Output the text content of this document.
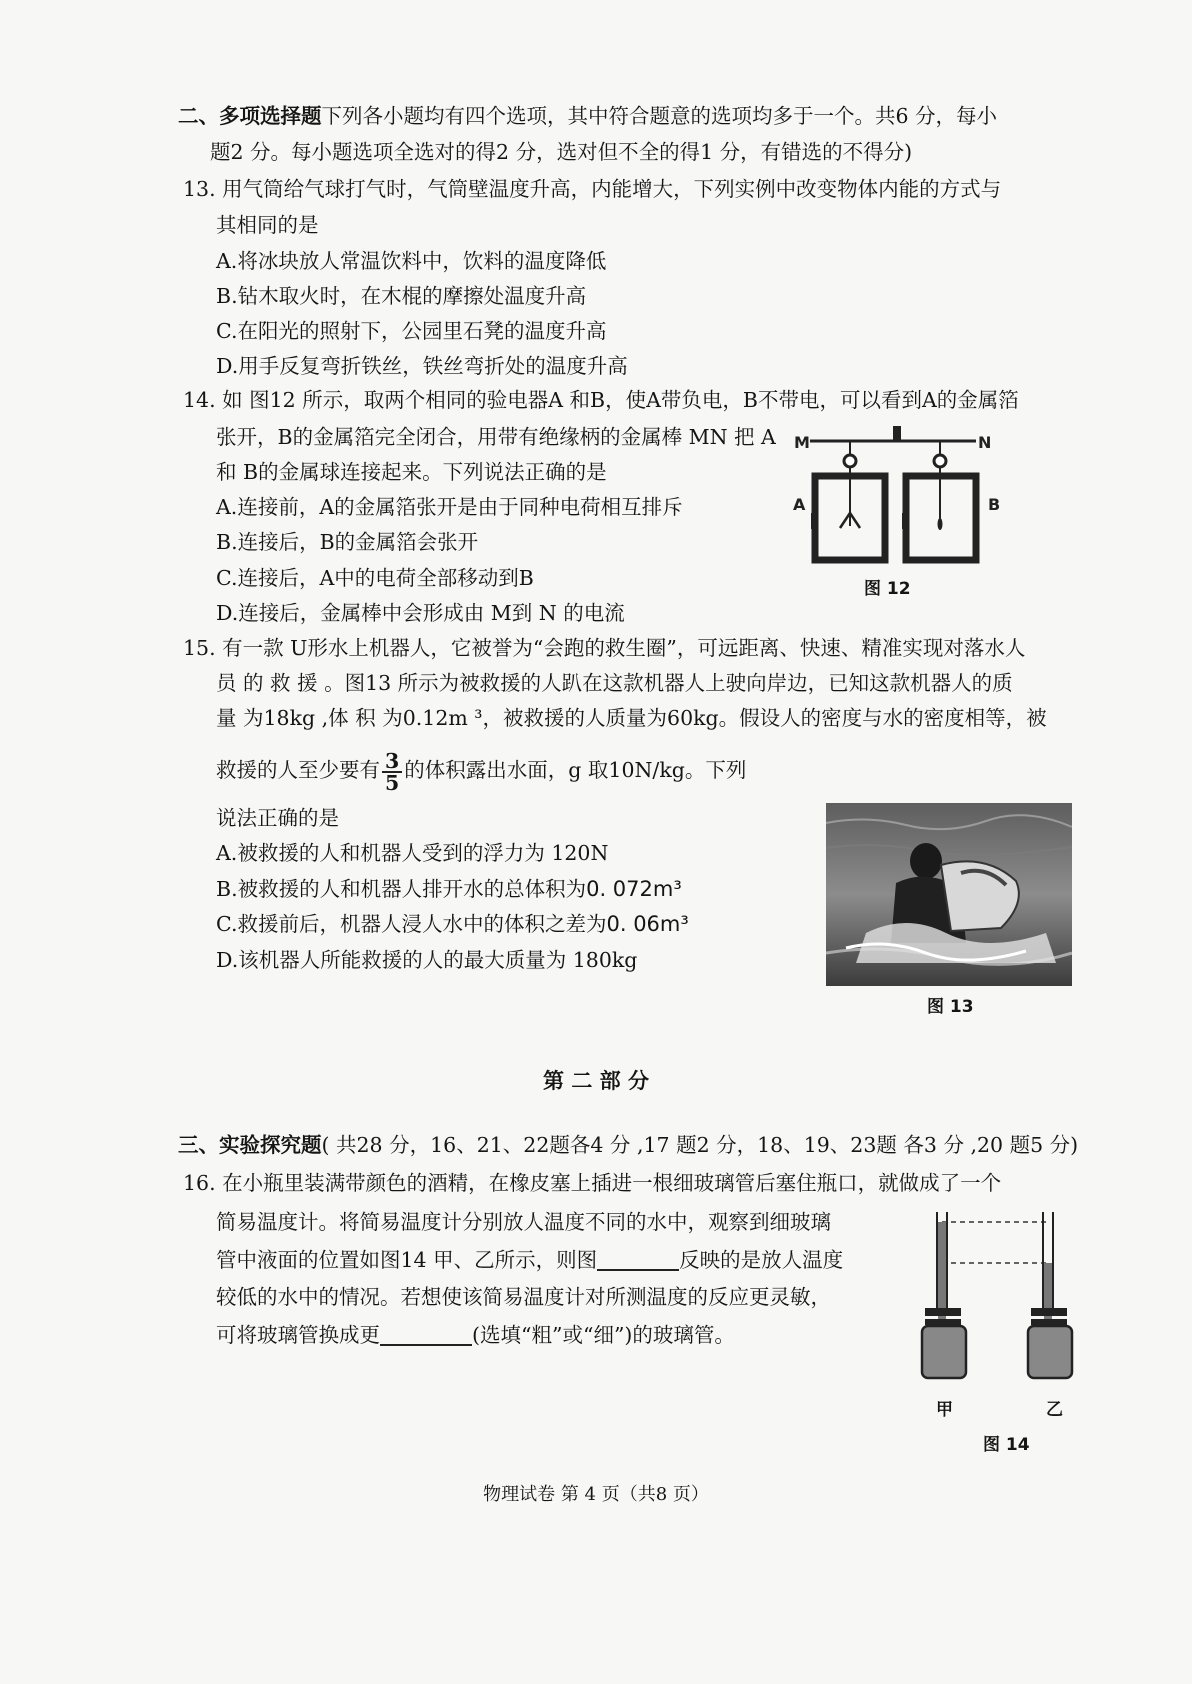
二、多项选择题下列各小题均有四个选项，其中符合题意的选项均多于一个。共6 分，每小
题2 分。每小题选项全选对的得2 分，选对但不全的得1 分，有错选的不得分)
13. 用气筒给气球打气时，气筒壁温度升高，内能增大，下列实例中改变物体内能的方式与
其相同的是
A.将冰块放人常温饮料中，饮料的温度降低
B.钻木取火时，在木棍的摩擦处温度升高
C.在阳光的照射下，公园里石凳的温度升高
D.用手反复弯折铁丝，铁丝弯折处的温度升高
14. 如 图12 所示，取两个相同的验电器A 和B，使A带负电，B不带电，可以看到A的金属箔
张开，B的金属箔完全闭合，用带有绝缘柄的金属棒 MN 把 A
和 B的金属球连接起来。下列说法正确的是
A.连接前，A的金属箔张开是由于同种电荷相互排斥
B.连接后，B的金属箔会张开
C.连接后，A中的电荷全部移动到B
D.连接后，金属棒中会形成由 M到 N 的电流
M	N
A	B
图 12
15. 有一款 U形水上机器人，它被誉为“会跑的救生圈”，可远距离、快速、精准实现对落水人
员 的 救 援 。图13 所示为被救援的人趴在这款机器人上驶向岸边，已知这款机器人的质
量 为18kg ,体 积 为0.12m ³，被救援的人质量为60kg。假设人的密度与水的密度相等，被
救援的人至少要有 $\frac{3}{5}$ 的体积露出水面，g 取10N/kg。下列
说法正确的是
A.被救援的人和机器人受到的浮力为 120N
B.被救援的人和机器人排开水的总体积为0. 072m³
C.救援前后，机器人浸人水中的体积之差为0. 06m³
D.该机器人所能救援的人的最大质量为 180kg
图 13
第 二 部 分
三、实验探究题( 共28 分，16、21、22题各4 分 ,17 题2 分，18、19、23题 各3 分 ,20 题5 分)
16. 在小瓶里装满带颜色的酒精，在橡皮塞上插进一根细玻璃管后塞住瓶口，就做成了一个
简易温度计。将简易温度计分别放人温度不同的水中，观察到细玻璃
管中液面的位置如图14 甲、乙所示，则图	反映的是放人温度
较低的水中的情况。若想使该简易温度计对所测温度的反应更灵敏，
可将玻璃管换成更	(选填“粗”或“细”)的玻璃管。
甲	乙
图 14
物理试卷 第 4 页（共8 页）
